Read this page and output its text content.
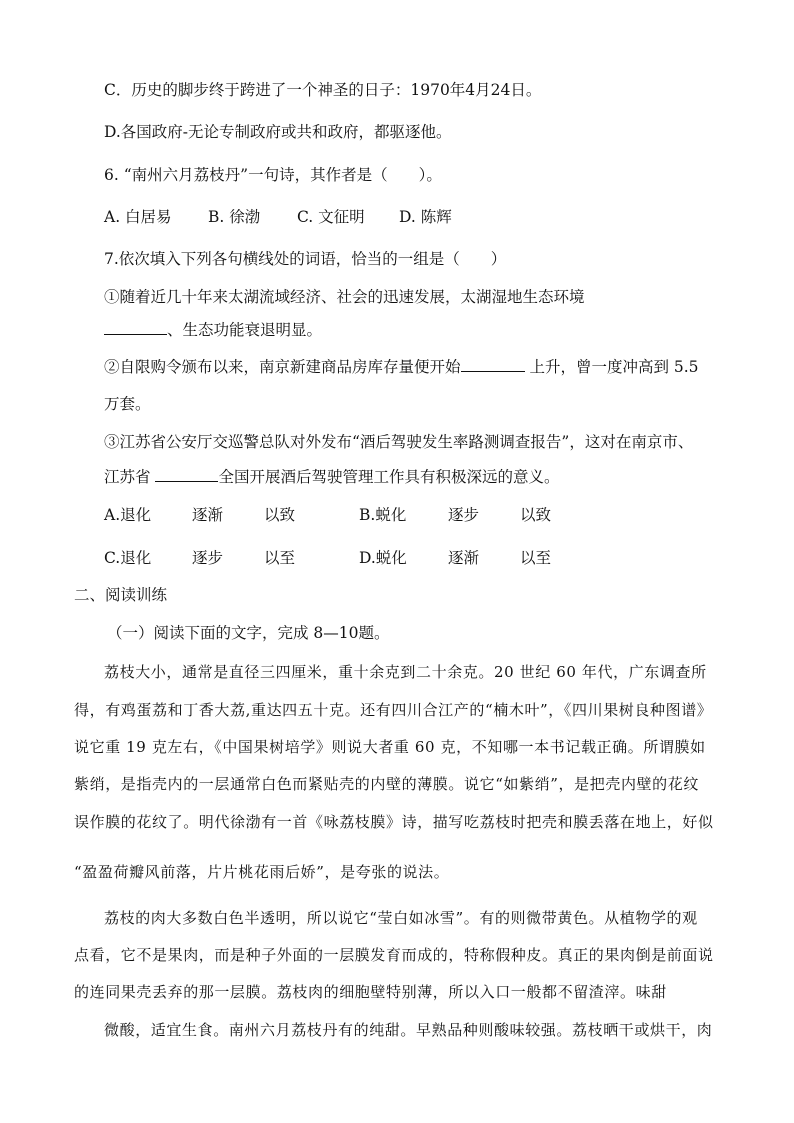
C．历史的脚步终于跨进了一个神圣的日子：1970年4月24日。
D.各国政府-无论专制政府或共和政府，都驱逐他。
6. “南州六月荔枝丹”一句诗，其作者是（　　）。
A. 白居易 B. 徐渤 C. 文征明 D. 陈辉
7.依次填入下列各句横线处的词语，恰当的一组是（　　）
①随着近几十年来太湖流域经济、社会的迅速发展，太湖湿地生态环境
、生态功能衰退明显。
②自限购令颁布以来，南京新建商品房库存量便开始	上升，曾一度冲高到 5.5
万套。
③江苏省公安厅交巡警总队对外发布“酒后驾驶发生率路测调查报告”，这对在南京市、
江苏省	全国开展酒后驾驶管理工作具有积极深远的意义。
A.退化	逐渐	以致	B.蜕化	逐步	以致
C.退化	逐步	以至	D.蜕化	逐渐	以至
二、阅读训练
（一）阅读下面的文字，完成 8—10题。
荔枝大小，通常是直径三四厘米，重十余克到二十余克。20 世纪 60 年代，广东调查所
得，有鸡蛋荔和丁香大荔,重达四五十克。还有四川合江产的“楠木叶”，《四川果树良种图谱》
说它重 19 克左右，《中国果树培学》则说大者重 60 克，不知哪一本书记载正确。所谓膜如
紫绡，是指壳内的一层通常白色而紧贴壳的内壁的薄膜。说它“如紫绡”，是把壳内壁的花纹
误作膜的花纹了。明代徐渤有一首《咏荔枝膜》诗，描写吃荔枝时把壳和膜丢落在地上，好似
“盈盈荷瓣风前落，片片桃花雨后娇”，是夸张的说法。
荔枝的肉大多数白色半透明，所以说它“莹白如冰雪”。有的则微带黄色。从植物学的观
点看，它不是果肉，而是种子外面的一层膜发育而成的，特称假种皮。真正的果肉倒是前面说
的连同果壳丢弃的那一层膜。荔枝肉的细胞壁特别薄，所以入口一般都不留渣滓。味甜
微酸，适宜生食。南州六月荔枝丹有的纯甜。早熟品种则酸味较强。荔枝晒干或烘干，肉
